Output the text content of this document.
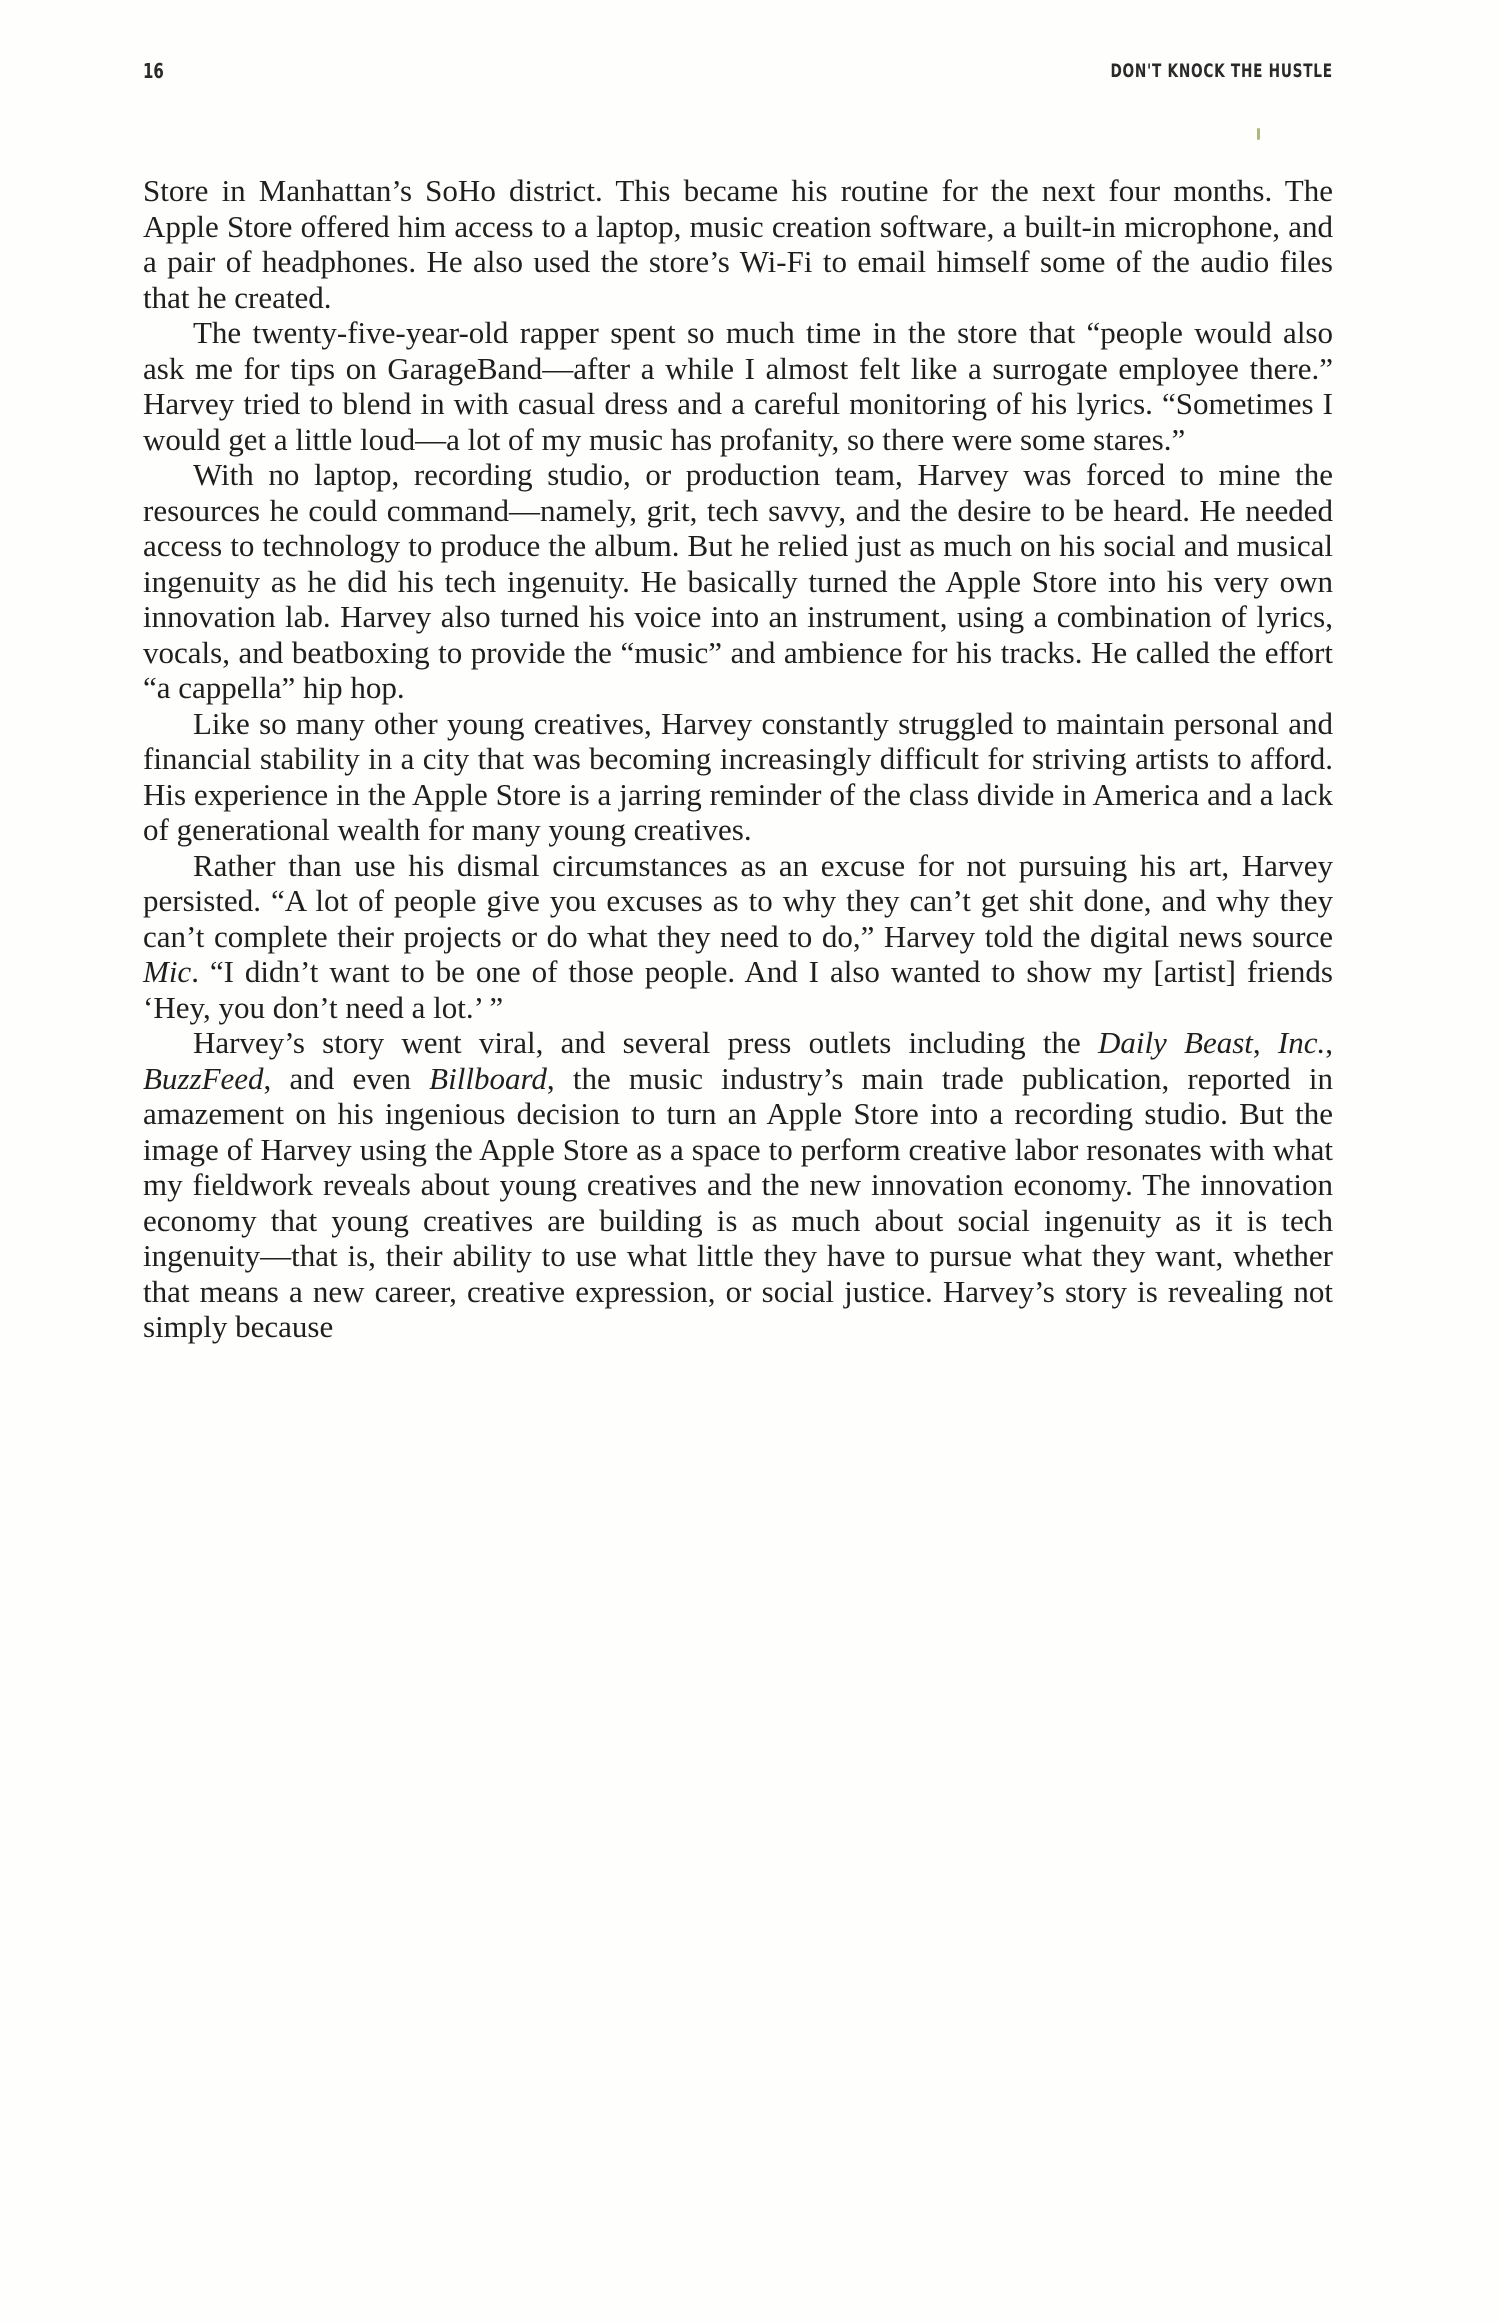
16	DON'T KNOCK THE HUSTLE

Store in Manhattan’s SoHo district. This became his routine for the next four months. The Apple Store offered him access to a laptop, music creation software, a built-in microphone, and a pair of headphones. He also used the store’s Wi-Fi to email himself some of the audio files that he created.

The twenty-five-year-old rapper spent so much time in the store that “people would also ask me for tips on GarageBand—after a while I almost felt like a surrogate employee there.” Harvey tried to blend in with casual dress and a careful monitoring of his lyrics. “Sometimes I would get a little loud—a lot of my music has profanity, so there were some stares.”

With no laptop, recording studio, or production team, Harvey was forced to mine the resources he could command—namely, grit, tech savvy, and the desire to be heard. He needed access to technology to produce the album. But he relied just as much on his social and musical ingenuity as he did his tech ingenuity. He basically turned the Apple Store into his very own innovation lab. Harvey also turned his voice into an instrument, using a combination of lyrics, vocals, and beatboxing to provide the “music” and ambience for his tracks. He called the effort “a cappella” hip hop.

Like so many other young creatives, Harvey constantly struggled to maintain personal and financial stability in a city that was becoming increasingly difficult for striving artists to afford. His experience in the Apple Store is a jarring reminder of the class divide in America and a lack of generational wealth for many young creatives.

Rather than use his dismal circumstances as an excuse for not pursuing his art, Harvey persisted. “A lot of people give you excuses as to why they can’t get shit done, and why they can’t complete their projects or do what they need to do,” Harvey told the digital news source Mic. “I didn’t want to be one of those people. And I also wanted to show my [artist] friends ‘Hey, you don’t need a lot.’ ”

Harvey’s story went viral, and several press outlets including the Daily Beast, Inc., BuzzFeed, and even Billboard, the music industry’s main trade publication, reported in amazement on his ingenious decision to turn an Apple Store into a recording studio. But the image of Harvey using the Apple Store as a space to perform creative labor resonates with what my fieldwork reveals about young creatives and the new innovation economy. The innovation economy that young creatives are building is as much about social ingenuity as it is tech ingenuity—that is, their ability to use what little they have to pursue what they want, whether that means a new career, creative expression, or social justice. Harvey’s story is revealing not simply because
